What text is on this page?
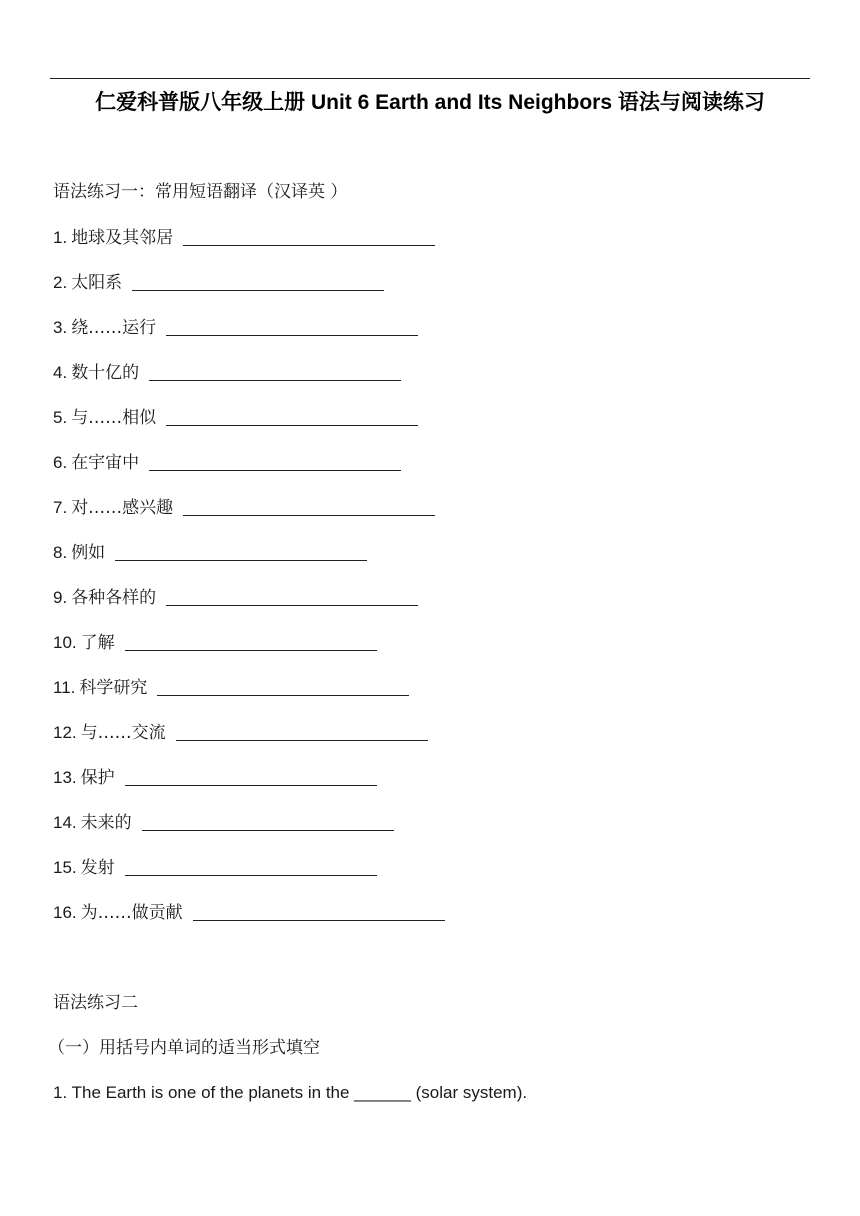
仁爱科普版八年级上册 Unit 6 Earth and Its Neighbors 语法与阅读练习
语法练习一：常用短语翻译（汉译英 ）
1. 地球及其邻居
2. 太阳系
3. 绕……运行
4. 数十亿的
5. 与……相似
6. 在宇宙中
7. 对……感兴趣
8. 例如
9. 各种各样的
10. 了解
11. 科学研究
12. 与……交流
13. 保护
14. 未来的
15. 发射
16. 为……做贡献
语法练习二
（一）用括号内单词的适当形式填空
1. The Earth is one of the planets in the ______ (solar system).
